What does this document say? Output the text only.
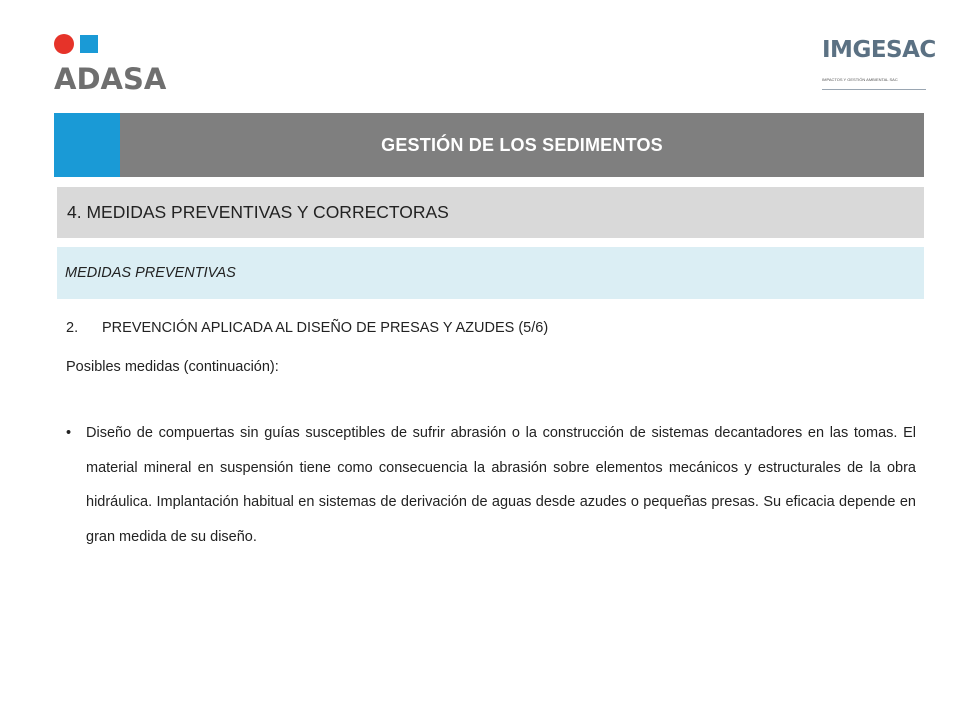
ADASA
IMGESAC
IMPACTOS Y GESTIÓN AMBIENTAL SAC
GESTIÓN DE LOS SEDIMENTOS
4. MEDIDAS PREVENTIVAS Y CORRECTORAS
MEDIDAS PREVENTIVAS
2. PREVENCIÓN APLICADA AL DISEÑO DE PRESAS Y AZUDES (5/6)
Posibles medidas (continuación):
• Diseño de compuertas sin guías susceptibles de sufrir abrasión o la construcción de sistemas decantadores en las tomas. El material mineral en suspensión tiene como consecuencia la abrasión sobre elementos mecánicos y estructurales de la obra hidráulica. Implantación habitual en sistemas de derivación de aguas desde azudes o pequeñas presas. Su eficacia depende en gran medida de su diseño.
